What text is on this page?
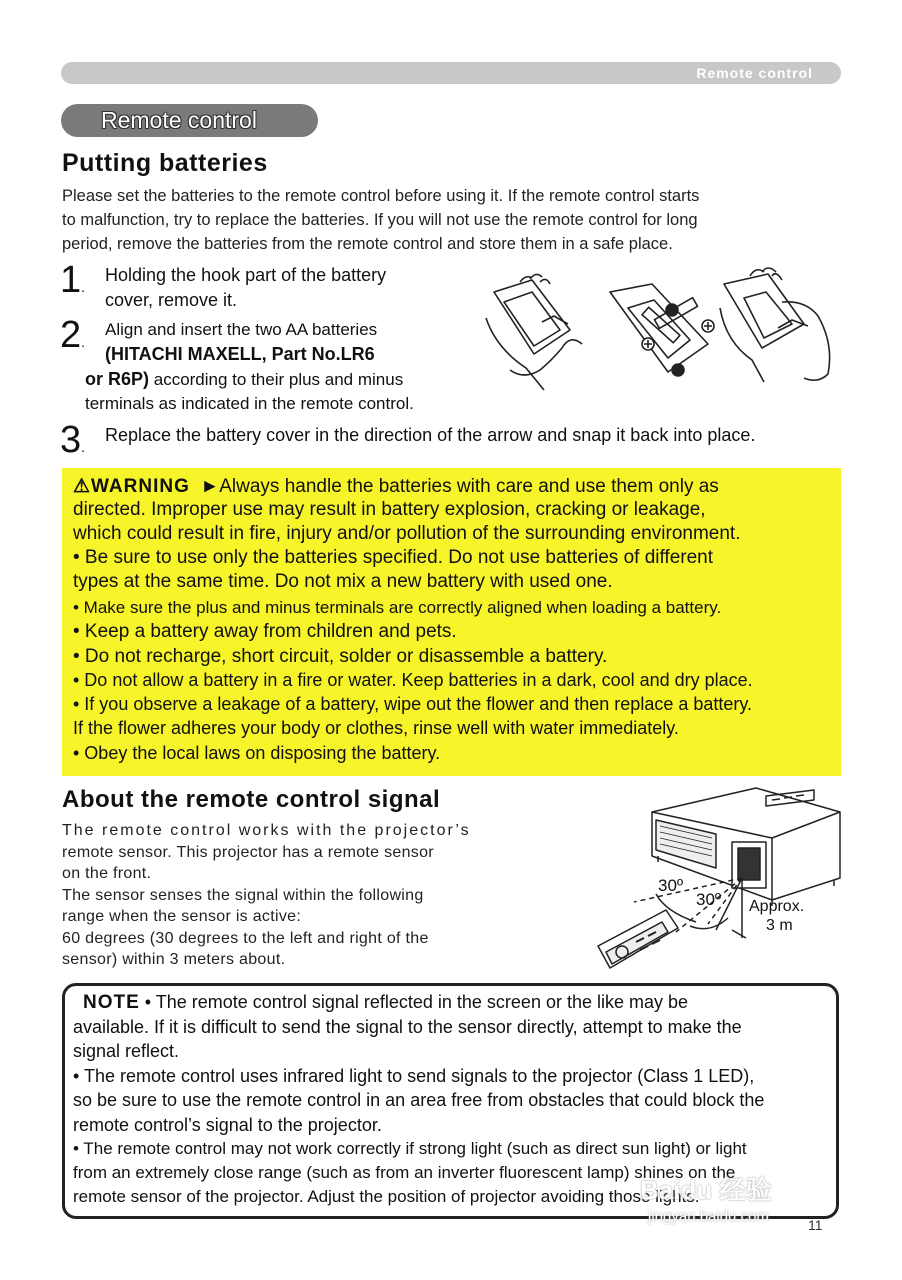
Remote control
Remote control
Putting batteries
Please set the batteries to the remote control before using it. If the remote control starts
to malfunction, try to replace the batteries. If you will not use the remote control for long
period, remove the batteries from the remote control and store them in a safe place.
1.
Holding the hook part of the battery
cover, remove it.
2.
Align and insert the two AA batteries
(HITACHI MAXELL, Part No.LR6
or R6P) according to their plus and minus
terminals as indicated in the remote control.
3.
Replace the battery cover in the direction of the arrow and snap it back into place.
⚠WARNING ►Always handle the batteries with care and use them only as
directed. Improper use may result in battery explosion, cracking or leakage,
which could result in fire, injury and/or pollution of the surrounding environment.
• Be sure to use only the batteries specified. Do not use batteries of different
types at the same time. Do not mix a new battery with used one.
• Make sure the plus and minus terminals are correctly aligned when loading a battery.
• Keep a battery away from children and pets.
• Do not recharge, short circuit, solder or disassemble a battery.
• Do not allow a battery in a fire or water. Keep batteries in a dark, cool and dry place.
• If you observe a leakage of a battery, wipe out the flower and then replace a battery.
If the flower adheres your body or clothes, rinse well with water immediately.
• Obey the local laws on disposing the battery.
About the remote control signal
The remote control works with the projector’s
remote sensor. This projector has a remote sensor
on the front.
The sensor senses the signal within the following
range when the sensor is active:
60 degrees (30 degrees to the left and right of the
sensor) within 3 meters about.
30º
30º Approx.
3 m
NOTE • The remote control signal reflected in the screen or the like may be
available. If it is difficult to send the signal to the sensor directly, attempt to make the
signal reflect.
• The remote control uses infrared light to send signals to the projector (Class 1 LED),
so be sure to use the remote control in an area free from obstacles that could block the
remote control’s signal to the projector.
• The remote control may not work correctly if strong light (such as direct sun light) or light
from an extremely close range (such as from an inverter fluorescent lamp) shines on the
remote sensor of the projector. Adjust the position of projector avoiding those lights.
Baidu 经验
jingyan.baidu.com	11
